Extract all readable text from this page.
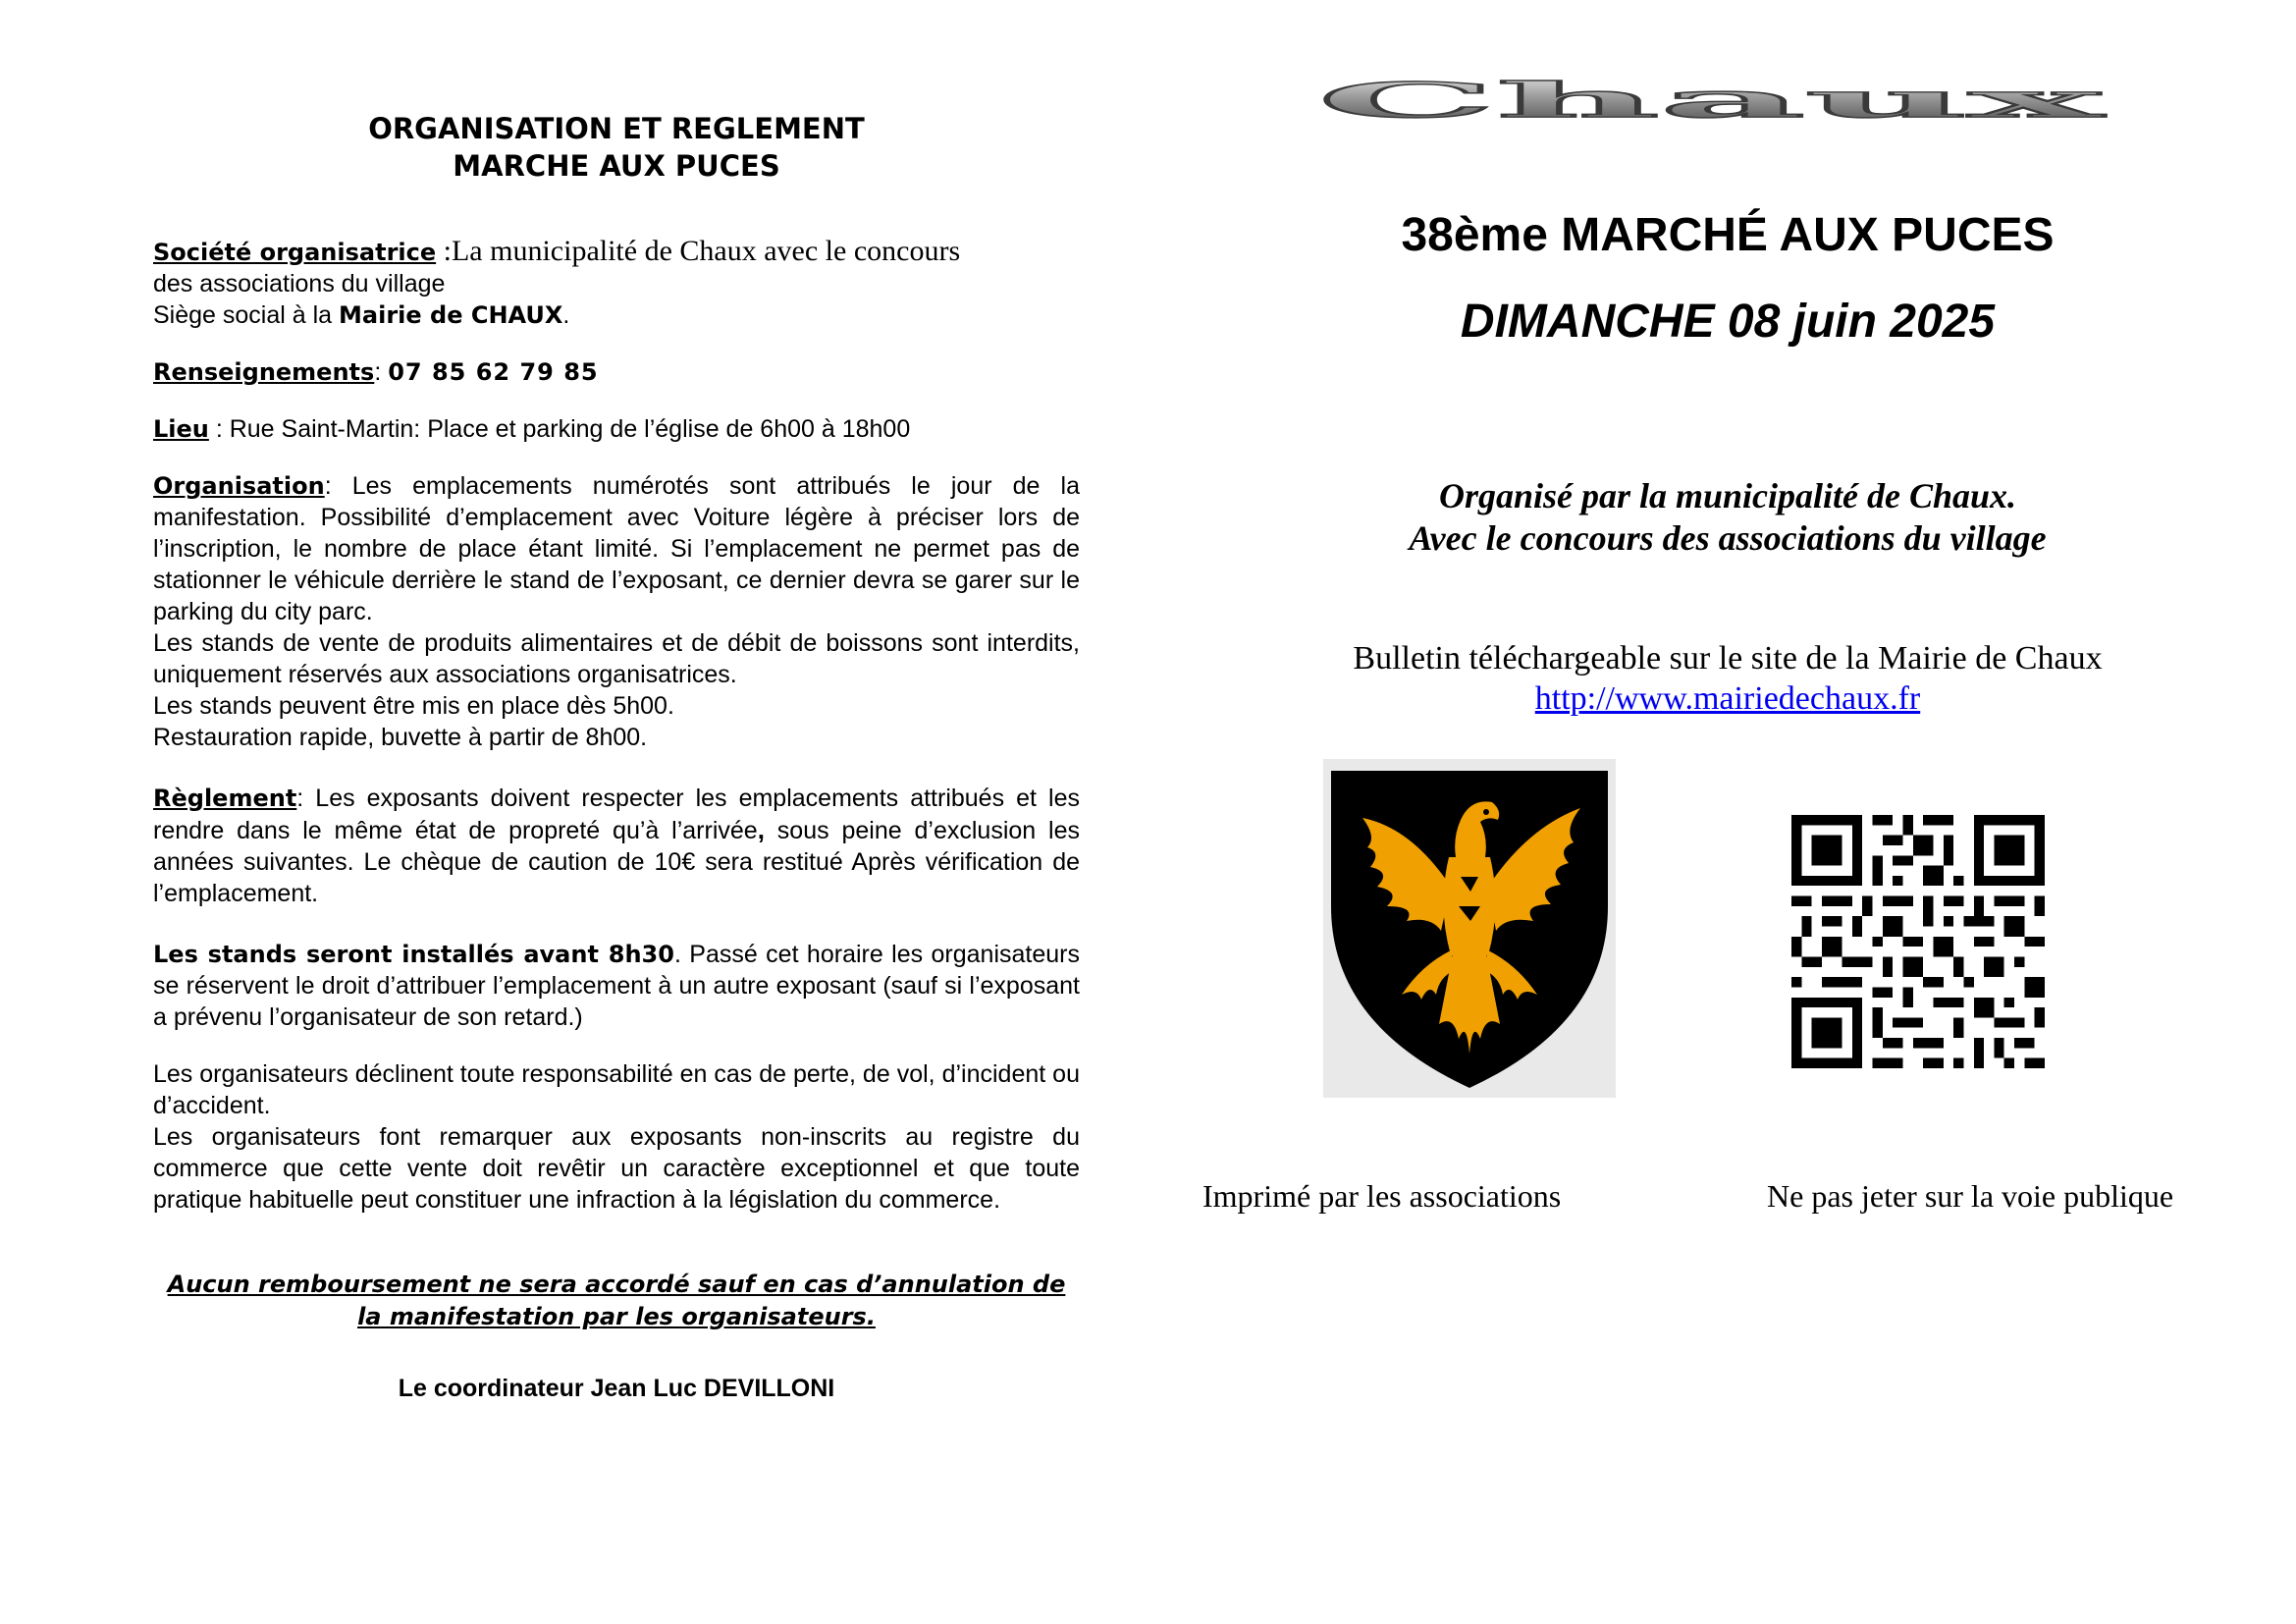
ORGANISATION ET REGLEMENT
MARCHE AUX PUCES

Société organisatrice :La municipalité de Chaux avec le concours
des associations du village
Siège social à la Mairie de CHAUX.

Renseignements: 07 85 62 79 85

Lieu : Rue Saint-Martin: Place et parking de l’église de 6h00 à 18h00

Organisation: Les emplacements numérotés sont attribués le jour de la manifestation. Possibilité d’emplacement avec Voiture légère à préciser lors de l’inscription, le nombre de place étant limité. Si l’emplacement ne permet pas de stationner le véhicule derrière le stand de l’exposant, ce dernier devra se garer sur le parking du city parc.
Les stands de vente de produits alimentaires et de débit de boissons sont interdits, uniquement réservés aux associations organisatrices.
Les stands peuvent être mis en place dès 5h00.
Restauration rapide, buvette à partir de 8h00.

Règlement: Les exposants doivent respecter les emplacements attribués et les rendre dans le même état de propreté qu’à l’arrivée, sous peine d’exclusion les années suivantes. Le chèque de caution de 10€ sera restitué Après vérification de l’emplacement.

Les stands seront installés avant 8h30. Passé cet horaire les organisateurs se réservent le droit d’attribuer l’emplacement à un autre exposant (sauf si l’exposant a prévenu l’organisateur de son retard.)

Les organisateurs déclinent toute responsabilité en cas de perte, de vol, d’incident ou d’accident.
Les organisateurs font remarquer aux exposants non-inscrits au registre du commerce que cette vente doit revêtir un caractère exceptionnel et que toute pratique habituelle peut constituer une infraction à la législation du commerce.

Aucun remboursement ne sera accordé sauf en cas d’annulation de la manifestation par les organisateurs.

Le coordinateur Jean Luc DEVILLONI

Chaux
38ème MARCHÉ AUX PUCES
DIMANCHE 08 juin 2025
Organisé par la municipalité de Chaux.
Avec le concours des associations du village
Bulletin téléchargeable sur le site de la Mairie de Chaux
http://www.mairiedechaux.fr
Imprimé par les associations	Ne pas jeter sur la voie publique
